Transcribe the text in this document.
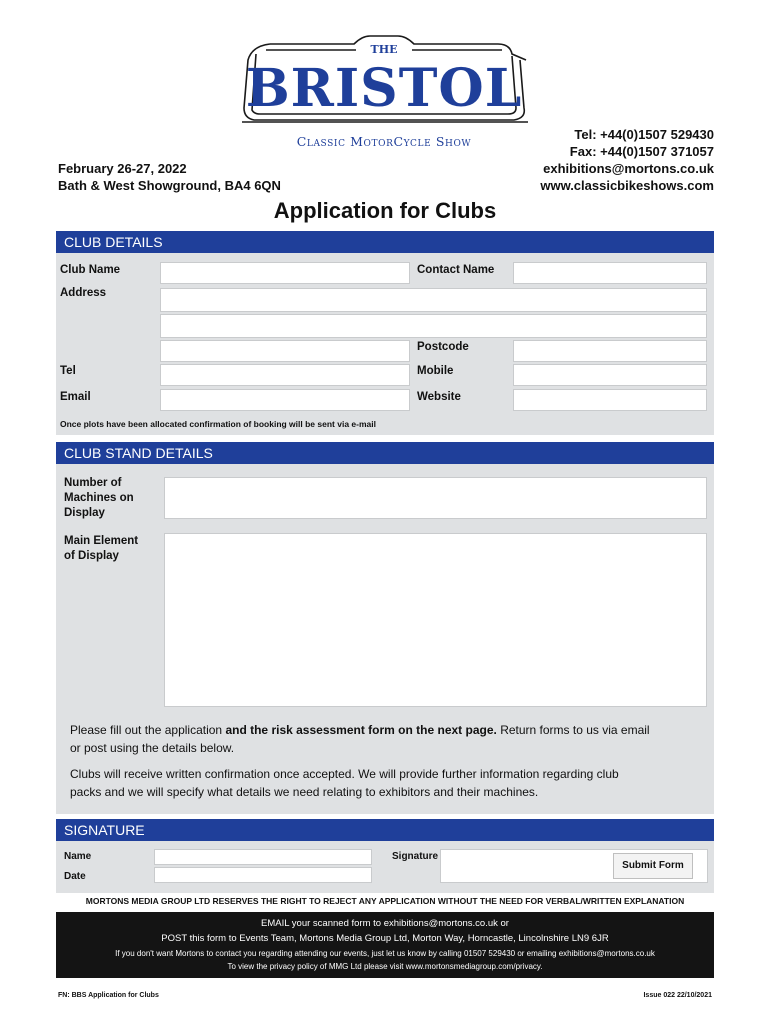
THE
BRISTOL
Classic MotorCycle Show
February 26-27, 2022
Bath & West Showground, BA4 6QN
Tel: +44(0)1507 529430
Fax: +44(0)1507 371057
exhibitions@mortons.co.uk
www.classicbikeshows.com
Application for Clubs
CLUB DETAILS
Club Name	Contact Name
Address
Postcode
Tel	Mobile
Email	Website
Once plots have been allocated confirmation of booking will be sent via e-mail
CLUB STAND DETAILS
Number of
Machines on
Display
Main Element
of Display
Please fill out the application and the risk assessment form on the next page. Return forms to us via email
or post using the details below.
Clubs will receive written confirmation once accepted. We will provide further information regarding club
packs and we will specify what details we need relating to exhibitors and their machines.
SIGNATURE
Name
Date
Signature
Submit Form
MORTONS MEDIA GROUP LTD RESERVES THE RIGHT TO REJECT ANY APPLICATION WITHOUT THE NEED FOR VERBAL/WRITTEN EXPLANATION
EMAIL your scanned form to exhibitions@mortons.co.uk or
POST this form to Events Team, Mortons Media Group Ltd, Morton Way, Horncastle, Lincolnshire LN9 6JR
If you don't want Mortons to contact you regarding attending our events, just let us know by calling 01507 529430 or emailing exhibitions@mortons.co.uk
To view the privacy policy of MMG Ltd please visit www.mortonsmediagroup.com/privacy.
FN: BBS Application for Clubs	Issue 022 22/10/2021
